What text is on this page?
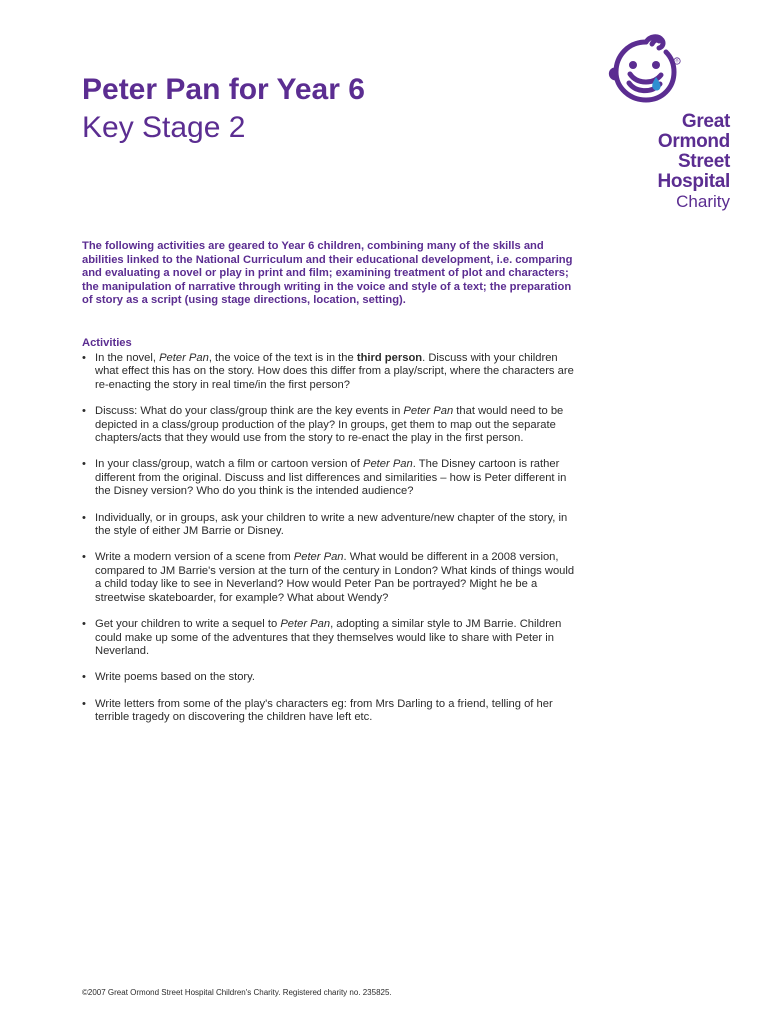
Peter Pan for Year 6
Key Stage 2
®
Great
Ormond
Street
Hospital
Charity

The following activities are geared to Year 6 children, combining many of the skills and abilities linked to the National Curriculum and their educational development, i.e. comparing and evaluating a novel or play in print and film; examining treatment of plot and characters; the manipulation of narrative through writing in the voice and style of a text; the preparation of story as a script (using stage directions, location, setting).

Activities
• In the novel, Peter Pan, the voice of the text is in the third person. Discuss with your children what effect this has on the story. How does this differ from a play/script, where the characters are re-enacting the story in real time/in the first person?
• Discuss: What do your class/group think are the key events in Peter Pan that would need to be depicted in a class/group production of the play? In groups, get them to map out the separate chapters/acts that they would use from the story to re-enact the play in the first person.
• In your class/group, watch a film or cartoon version of Peter Pan. The Disney cartoon is rather different from the original. Discuss and list differences and similarities – how is Peter different in the Disney version? Who do you think is the intended audience?
• Individually, or in groups, ask your children to write a new adventure/new chapter of the story, in the style of either JM Barrie or Disney.
• Write a modern version of a scene from Peter Pan. What would be different in a 2008 version, compared to JM Barrie's version at the turn of the century in London? What kinds of things would a child today like to see in Neverland? How would Peter Pan be portrayed? Might he be a streetwise skateboarder, for example? What about Wendy?
• Get your children to write a sequel to Peter Pan, adopting a similar style to JM Barrie. Children could make up some of the adventures that they themselves would like to share with Peter in Neverland.
• Write poems based on the story.
• Write letters from some of the play's characters eg: from Mrs Darling to a friend, telling of her terrible tragedy on discovering the children have left etc.

©2007 Great Ormond Street Hospital Children's Charity. Registered charity no. 235825.
